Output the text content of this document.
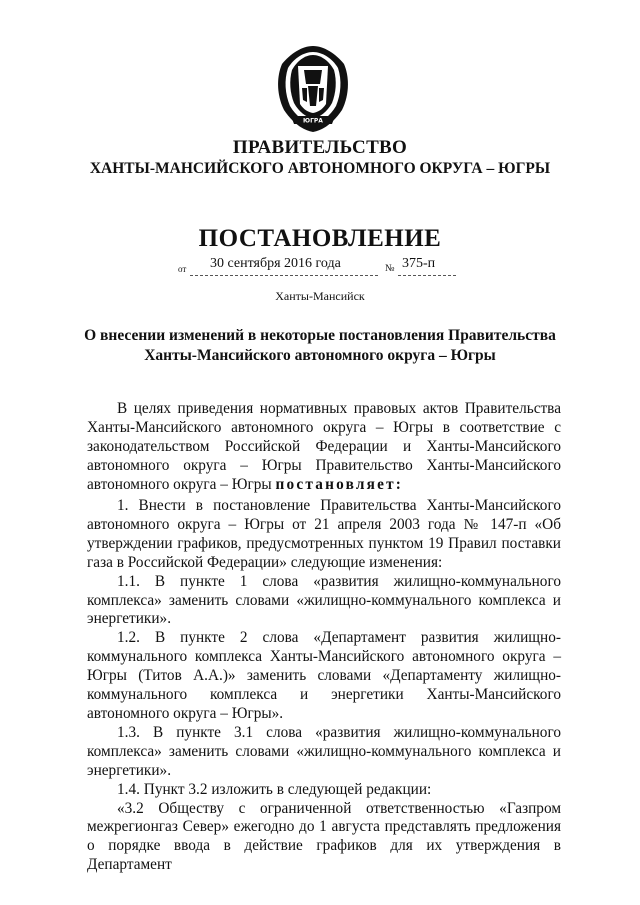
ЮГРА
ПРАВИТЕЛЬСТВО
ХАНТЫ-МАНСИЙСКОГО АВТОНОМНОГО ОКРУГА – ЮГРЫ
ПОСТАНОВЛЕНИЕ
от 30 сентября 2016 года	№ 375-п
Ханты-Мансийск
О внесении изменений в некоторые постановления Правительства
Ханты-Мансийского автономного округа – Югры

В целях приведения нормативных правовых актов Правительства Ханты-Мансийского автономного округа – Югры в соответствие с законодательством Российской Федерации и Ханты-Мансийского автономного округа – Югры Правительство Ханты-Мансийского автономного округа – Югры постановляет:

1. Внести в постановление Правительства Ханты-Мансийского автономного округа – Югры от 21 апреля 2003 года № 147-п «Об утверждении графиков, предусмотренных пунктом 19 Правил поставки газа в Российской Федерации» следующие изменения:

1.1. В пункте 1 слова «развития жилищно-коммунального комплекса» заменить словами «жилищно-коммунального комплекса и энергетики».

1.2. В пункте 2 слова «Департамент развития жилищно-коммунального комплекса Ханты-Мансийского автономного округа – Югры (Титов А.А.)» заменить словами «Департаменту жилищно-коммунального комплекса и энергетики Ханты-Мансийского автономного округа – Югры».

1.3. В пункте 3.1 слова «развития жилищно-коммунального комплекса» заменить словами «жилищно-коммунального комплекса и энергетики».

1.4. Пункт 3.2 изложить в следующей редакции:

«3.2 Обществу с ограниченной ответственностью «Газпром межрегионгаз Север» ежегодно до 1 августа представлять предложения о порядке ввода в действие графиков для их утверждения в Департамент
